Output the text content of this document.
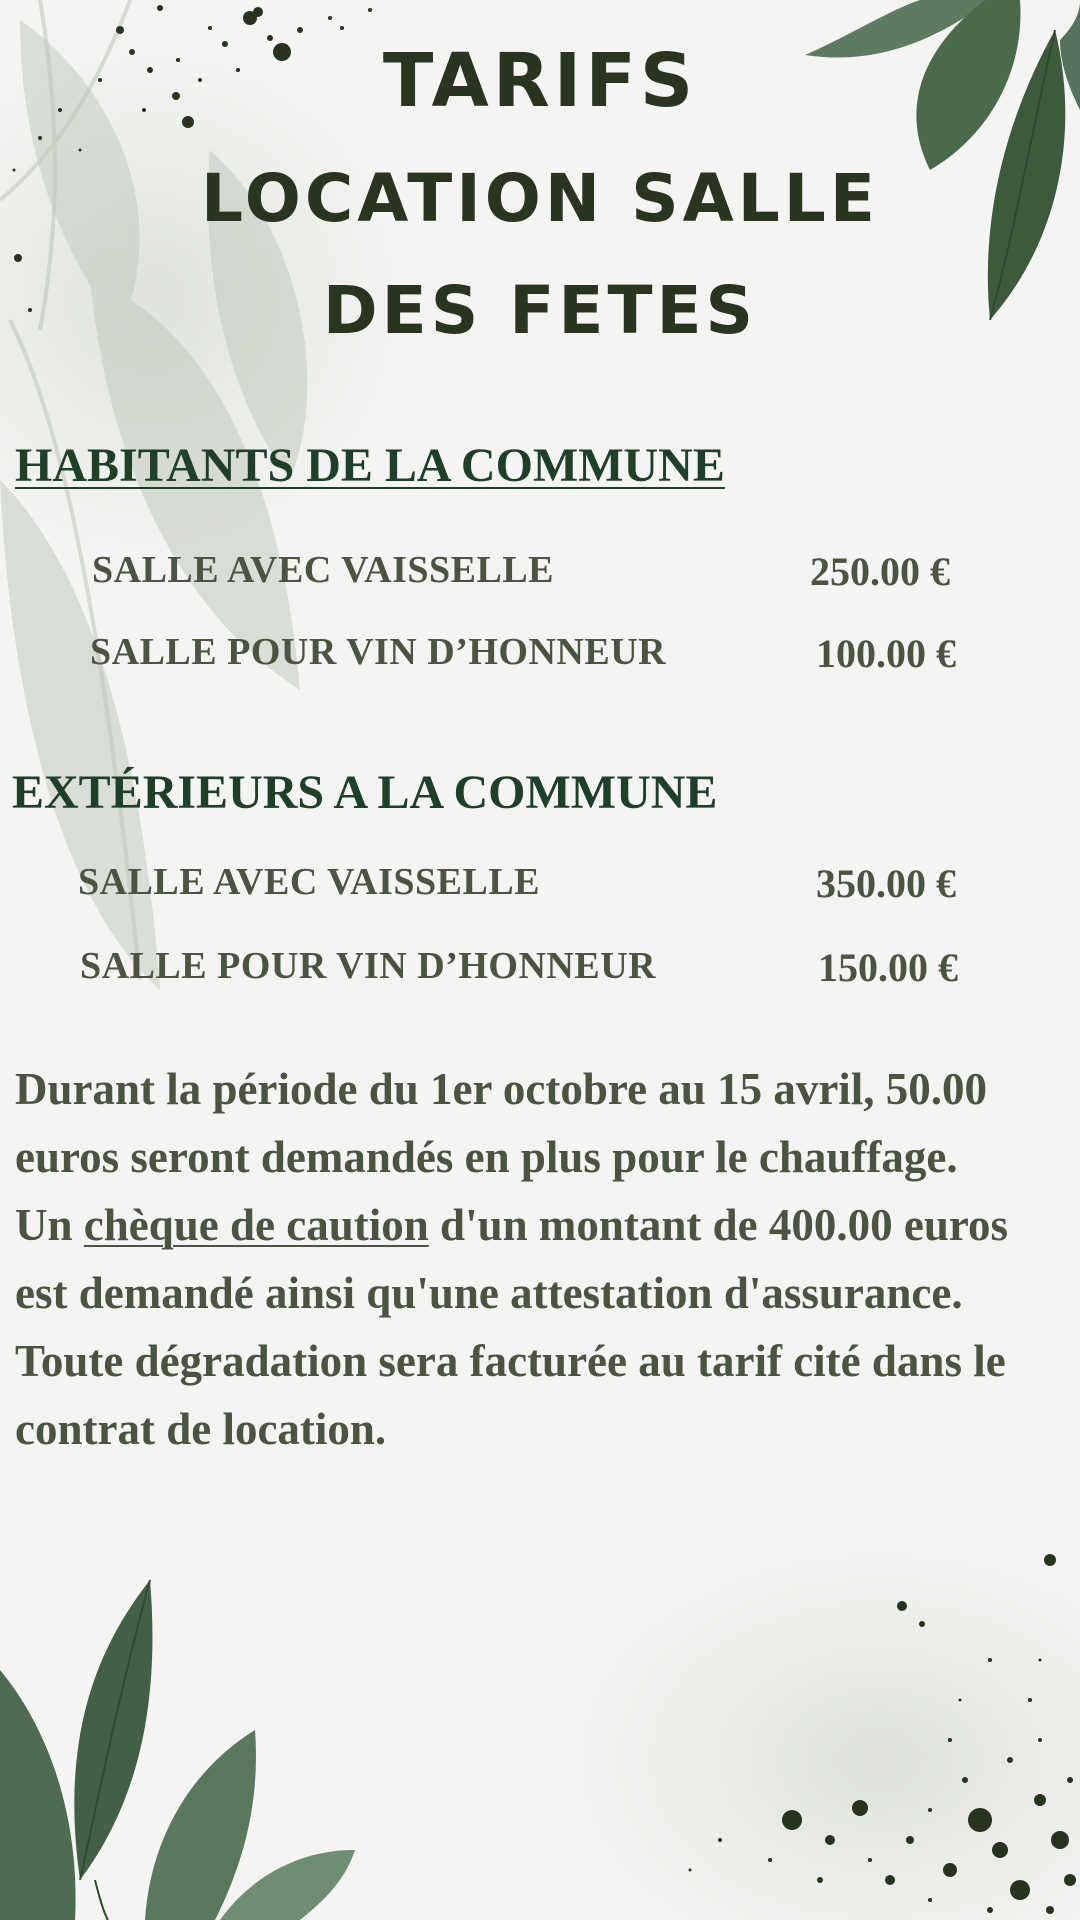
TARIFS
LOCATION SALLE
DES FETES
HABITANTS DE LA COMMUNE
SALLE AVEC VAISSELLE	250.00 €
SALLE POUR VIN D’HONNEUR	100.00 €
EXTÉRIEURS A LA COMMUNE
SALLE AVEC VAISSELLE	350.00 €
SALLE POUR VIN D’HONNEUR	150.00 €

Durant la période du 1er octobre au 15 avril, 50.00 euros seront demandés en plus pour le chauffage.

Un chèque de caution d'un montant de 400.00 euros est demandé ainsi qu'une attestation d'assurance.

Toute dégradation sera facturée au tarif cité dans le contrat de location.
